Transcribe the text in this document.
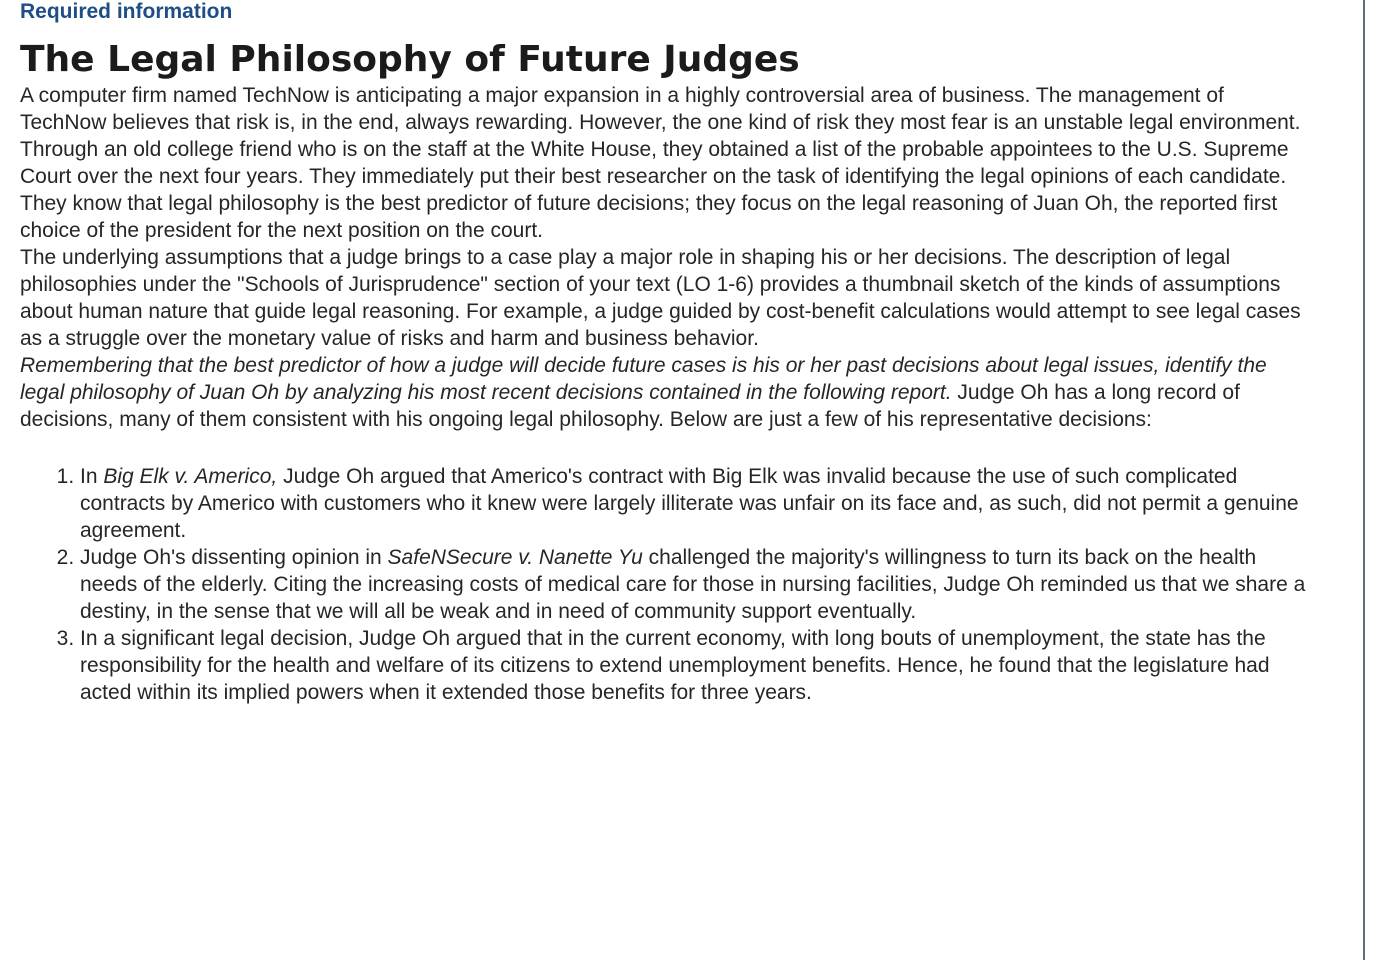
Required information
The Legal Philosophy of Future Judges

A computer firm named TechNow is anticipating a major expansion in a highly controversial area of business. The management of TechNow believes that risk is, in the end, always rewarding. However, the one kind of risk they most fear is an unstable legal environment. Through an old college friend who is on the staff at the White House, they obtained a list of the probable appointees to the U.S. Supreme Court over the next four years. They immediately put their best researcher on the task of identifying the legal opinions of each candidate. They know that legal philosophy is the best predictor of future decisions; they focus on the legal reasoning of Juan Oh, the reported first choice of the president for the next position on the court.

The underlying assumptions that a judge brings to a case play a major role in shaping his or her decisions. The description of legal philosophies under the "Schools of Jurisprudence" section of your text (LO 1-6) provides a thumbnail sketch of the kinds of assumptions about human nature that guide legal reasoning. For example, a judge guided by cost-benefit calculations would attempt to see legal cases as a struggle over the monetary value of risks and harm and business behavior.

Remembering that the best predictor of how a judge will decide future cases is his or her past decisions about legal issues, identify the legal philosophy of Juan Oh by analyzing his most recent decisions contained in the following report. Judge Oh has a long record of decisions, many of them consistent with his ongoing legal philosophy. Below are just a few of his representative decisions:

1. In Big Elk v. Americo, Judge Oh argued that Americo's contract with Big Elk was invalid because the use of such complicated contracts by Americo with customers who it knew were largely illiterate was unfair on its face and, as such, did not permit a genuine agreement.
2. Judge Oh's dissenting opinion in SafeNSecure v. Nanette Yu challenged the majority's willingness to turn its back on the health needs of the elderly. Citing the increasing costs of medical care for those in nursing facilities, Judge Oh reminded us that we share a destiny, in the sense that we will all be weak and in need of community support eventually.
3. In a significant legal decision, Judge Oh argued that in the current economy, with long bouts of unemployment, the state has the responsibility for the health and welfare of its citizens to extend unemployment benefits. Hence, he found that the legislature had acted within its implied powers when it extended those benefits for three years.
